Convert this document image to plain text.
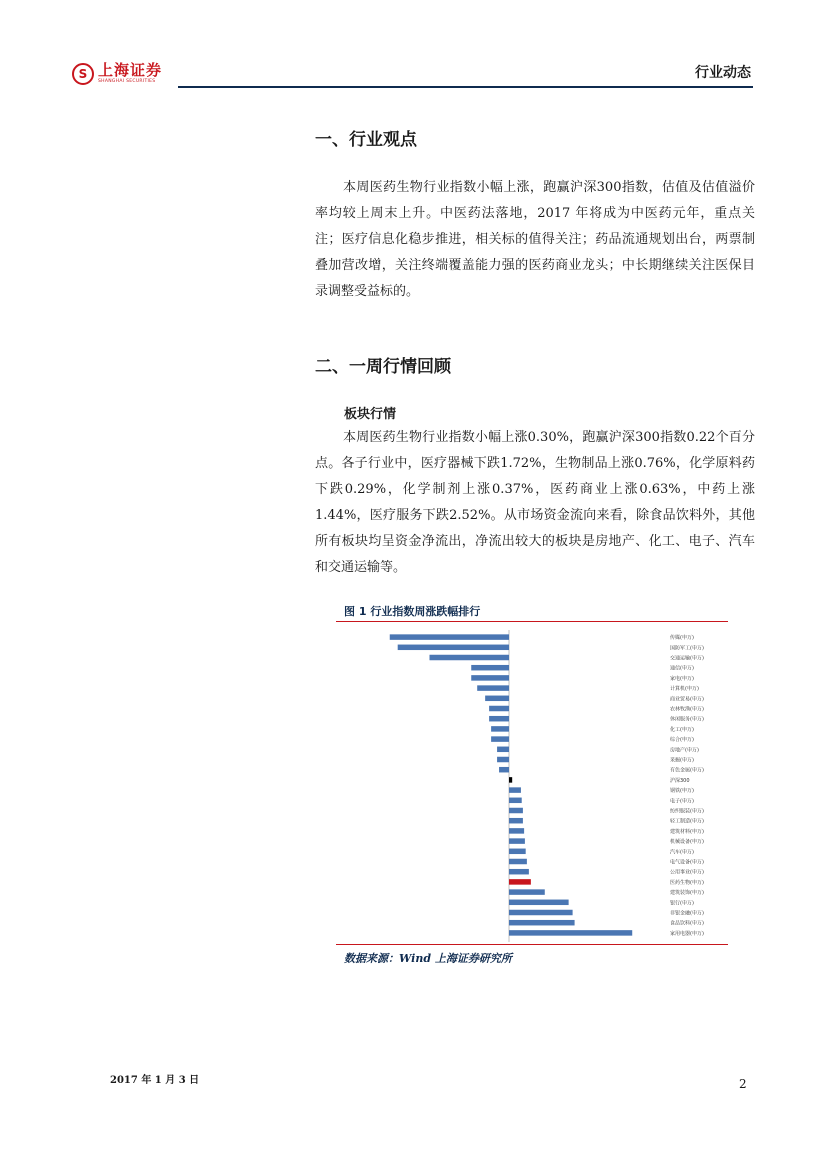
S 上海证券
SHANGHAI SECURITIES
行业动态
一、行业观点

本周医药生物行业指数小幅上涨，跑赢沪深300指数，估值及估值溢价率均较上周末上升。中医药法落地，2017 年将成为中医药元年，重点关注；医疗信息化稳步推进，相关标的值得关注；药品流通规划出台，两票制叠加营改增，关注终端覆盖能力强的医药商业龙头；中长期继续关注医保目录调整受益标的。

二、一周行情回顾
板块行情

本周医药生物行业指数小幅上涨0.30%，跑赢沪深300指数0.22个百分点。各子行业中，医疗器械下跌1.72%，生物制品上涨0.76%，化学原料药下跌0.29%，化学制剂上涨0.37%，医药商业上涨0.63%，中药上涨1.44%，医疗服务下跌2.52%。从市场资金流向来看，除食品饮料外，其他所有板块均呈资金净流出，净流出较大的板块是房地产、化工、电子、汽车和交通运输等。

图 1 行业指数周涨跌幅排行
传媒(申万)
国防军工(申万)
交通运输(申万)
通信(申万)
家电(申万)
计算机(申万)
商业贸易(申万)
农林牧渔(申万)
休闲服务(申万)
化工(申万)
综合(申万)
房地产(申万)
采掘(申万)
有色金属(申万)
沪深300
钢铁(申万)
电子(申万)
纺织服装(申万)
轻工制造(申万)
建筑材料(申万)
机械设备(申万)
汽车(申万)
电气设备(申万)
公用事业(申万)
医药生物(申万)
建筑装饰(申万)
银行(申万)
非银金融(申万)
食品饮料(申万)
家用电器(申万)
数据来源：Wind 上海证券研究所
2017 年 1 月 3 日	2
